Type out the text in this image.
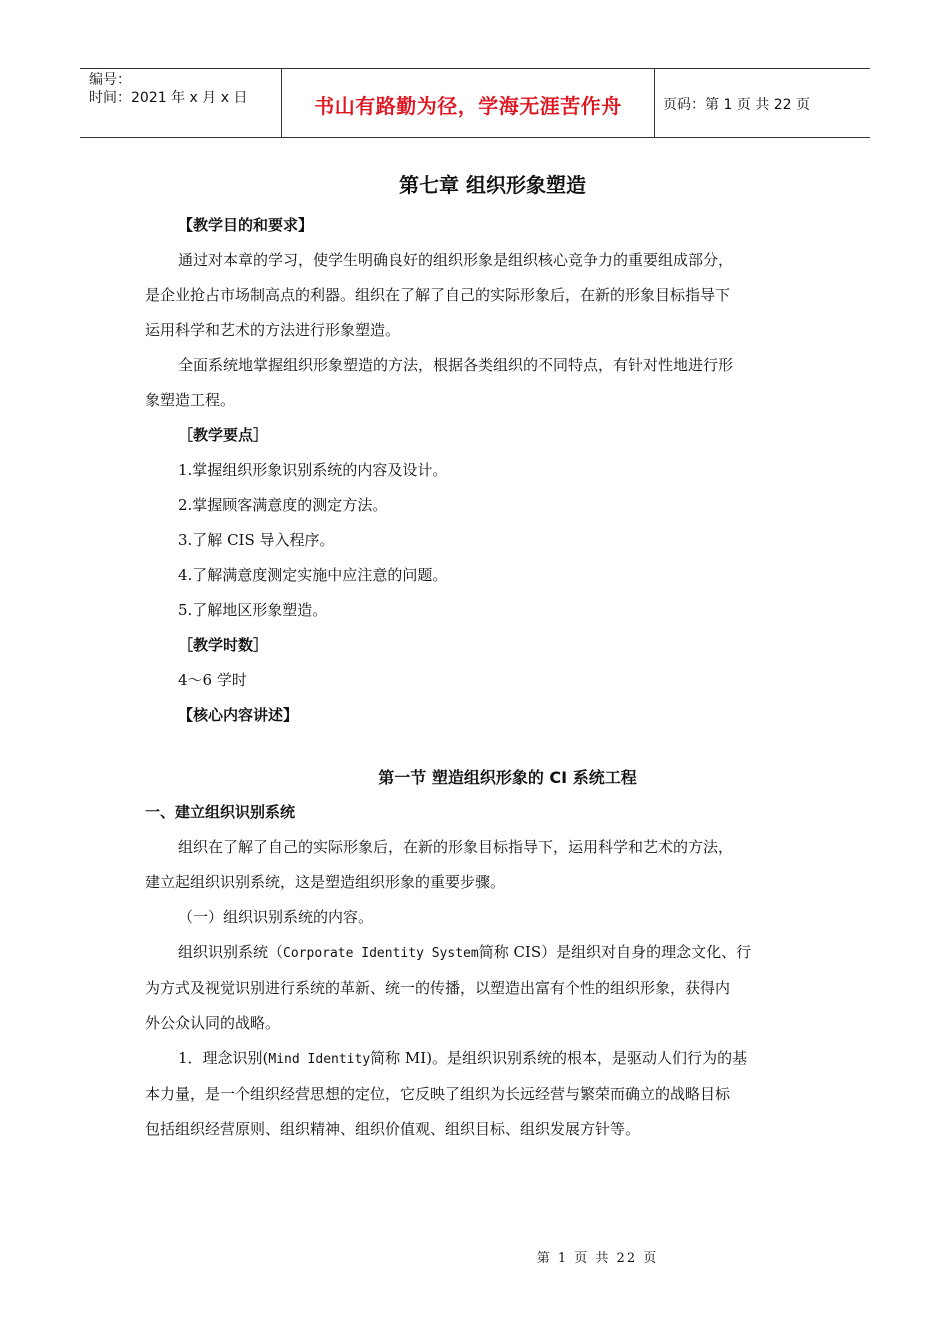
编号：
时间：2021 年 x 月 x 日	书山有路勤为径，学海无涯苦作舟	页码：第 1 页 共 22 页
第七章 组织形象塑造

【教学目的和要求】

通过对本章的学习，使学生明确良好的组织形象是组织核心竞争力的重要组成部分，

是企业抢占市场制高点的利器。组织在了解了自己的实际形象后，在新的形象目标指导下

运用科学和艺术的方法进行形象塑造。

全面系统地掌握组织形象塑造的方法，根据各类组织的不同特点，有针对性地进行形

象塑造工程。

［教学要点］

1.掌握组织形象识别系统的内容及设计。

2.掌握顾客满意度的测定方法。

3.了解 CIS 导入程序。

4.了解满意度测定实施中应注意的问题。

5.了解地区形象塑造。

［教学时数］

4～6 学时

【核心内容讲述】

第一节 塑造组织形象的 CI 系统工程

一、建立组织识别系统

组织在了解了自己的实际形象后，在新的形象目标指导下，运用科学和艺术的方法，

建立起组织识别系统，这是塑造组织形象的重要步骤。

（一）组织识别系统的内容。

组织识别系统（Corporate Identity System简称 CIS）是组织对自身的理念文化、行

为方式及视觉识别进行系统的革新、统一的传播，以塑造出富有个性的组织形象，获得内

外公众认同的战略。

1．理念识别(Mind Identity简称 MI)。是组织识别系统的根本，是驱动人们行为的基

本力量，是一个组织经营思想的定位，它反映了组织为长远经营与繁荣而确立的战略目标

包括组织经营原则、组织精神、组织价值观、组织目标、组织发展方针等。

第 1 页 共 22 页
